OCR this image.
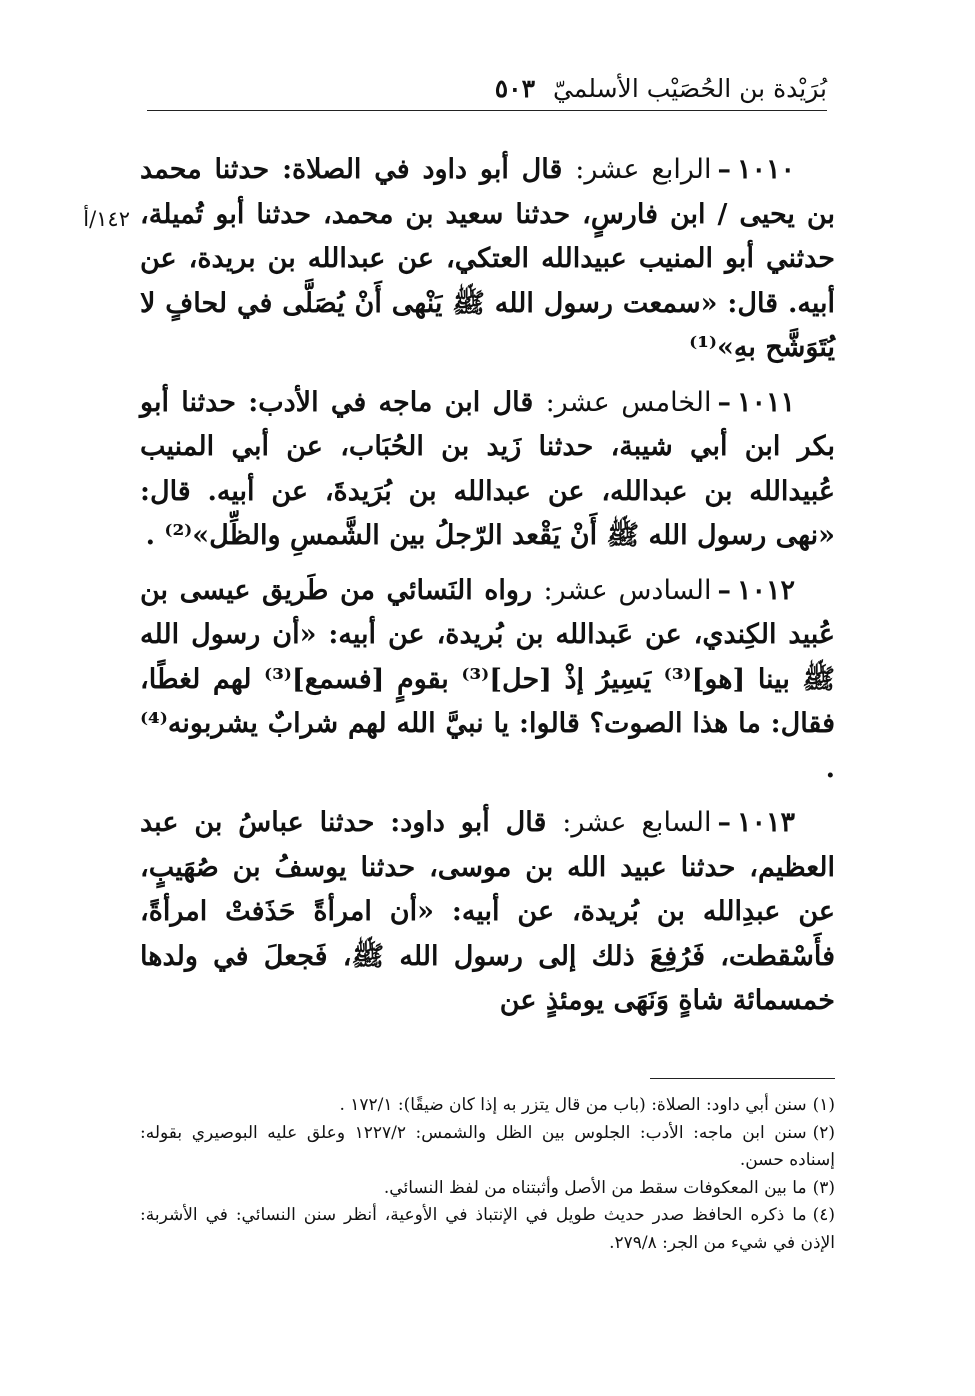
بُرَيْدة بن الحُصَيْب الأسلميّ
٥٠٣
١٤٢/أ

١٠١٠–الرابع عشر: قال أبو داود في الصلاة: حدثنا محمد بن يحيى / ابن فارسٍ، حدثنا سعيد بن محمد، حدثنا أبو تُميلة، حدثني أبو المنيب عبيدالله العتكي، عن عبدالله بن بريدة، عن أبيه. قال: «سمعت رسول الله ﷺ يَنْهى أَنْ يُصَلَّى في لحافٍ لا يُتَوَشَّح بهِ»⁽¹⁾

١٠١١–الخامس عشر: قال ابن ماجه في الأدب: حدثنا أبو بكر ابن أبي شيبة، حدثنا زَيد بن الحُبَاب، عن أبي المنيب عُبيدالله بن عبدالله، عن عبدالله بن بُرَيدةَ، عن أبيه. قال: «نهى رسول الله ﷺ أَنْ يَقْعد الرّجلُ بين الشَّمسِ والظِّل»⁽²⁾ .

١٠١٢–السادس عشر: رواه النَسائي من طَريق عيسى بن عُبيد الكِندي، عن عَبدالله بن بُريدة، عن أبيه: «أن رسول الله ﷺ بينا [هو]⁽³⁾ يَسِيرُ إذْ [حل]⁽³⁾ بقومٍ [فسمع]⁽³⁾ لهم لغطًا، فقال: ما هذا الصوت؟ قالوا: يا نبيَّ الله لهم شرابٌ يشربونه⁽⁴⁾ .

١٠١٣–السابع عشر: قال أبو داود: حدثنا عباسُ بن عبد العظيم، حدثنا عبيد الله بن موسى، حدثنا يوسفُ بن صُهَيبٍ، عن عبدِالله بن بُريدة، عن أبيه: «أن امرأةً حَذَفتْ امرأةً، فأَسْقطت، فَرُفِعَ ذلك إلى رسول الله ﷺ، فَجعلَ في ولدها خمسمائة شاةٍ وَنَهَى يومئذٍ عن

(١)سنن أبي داود: الصلاة: (باب من قال يتزر به إذا كان ضيقًا): ١٧٢/١ .

(٢)سنن ابن ماجه: الأدب: الجلوس بين الظل والشمس: ١٢٢٧/٢ وعلق عليه البوصيري بقوله: إسناده حسن.

(٣)ما بين المعكوفات سقط من الأصل وأثبتناه من لفظ النسائي.

(٤)ما ذكره الحافظ صدر حديث طويل في الإنتباذ في الأوعية، أنظر سنن النسائي: في الأشربة: الإذن في شيء من الجر: ٢٧٩/٨.
